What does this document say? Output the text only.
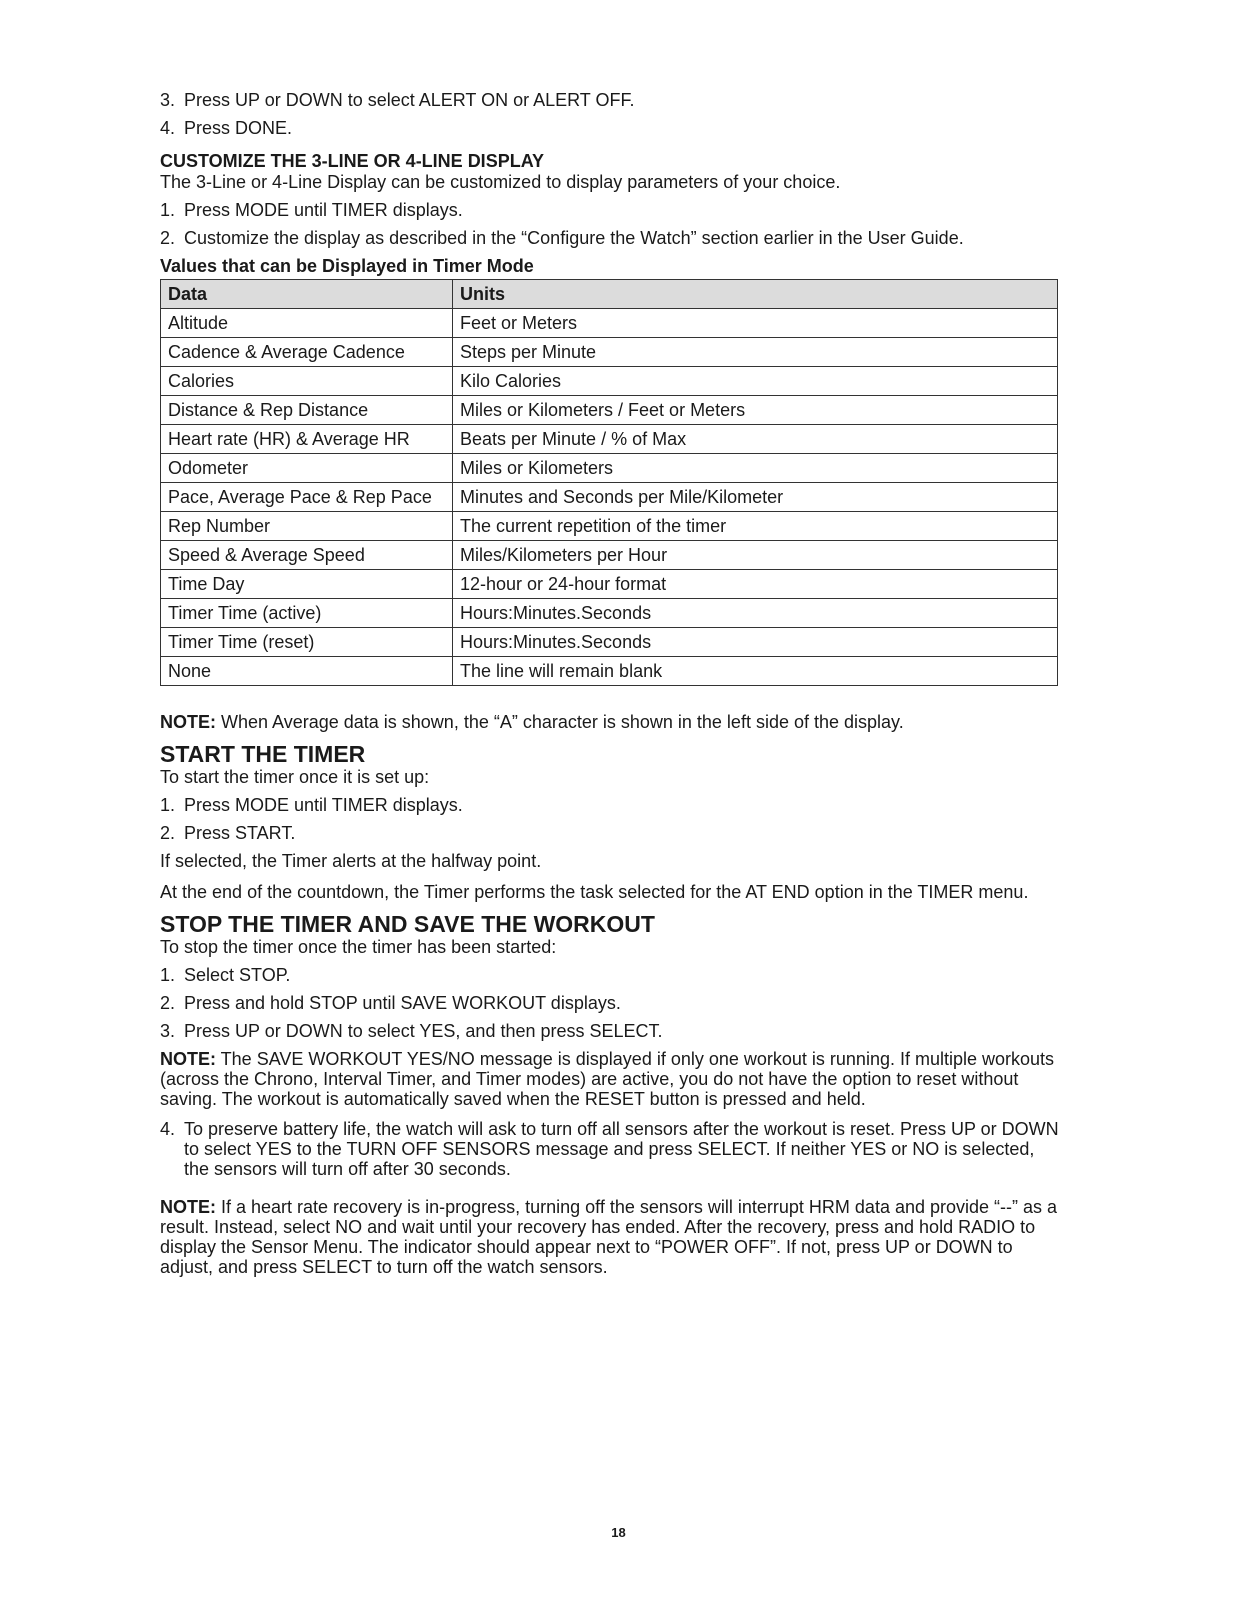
3. Press UP or DOWN to select ALERT ON or ALERT OFF.
4. Press DONE.
CUSTOMIZE THE 3-LINE OR 4-LINE DISPLAY
The 3-Line or 4-Line Display can be customized to display parameters of your choice.
1. Press MODE until TIMER displays.
2. Customize the display as described in the “Configure the Watch” section earlier in the User Guide.
Values that can be Displayed in Timer Mode
Data	Units
Altitude	Feet or Meters
Cadence & Average Cadence	Steps per Minute
Calories	Kilo Calories
Distance & Rep Distance	Miles or Kilometers / Feet or Meters
Heart rate (HR) & Average HR	Beats per Minute / % of Max
Odometer	Miles or Kilometers
Pace, Average Pace & Rep Pace	Minutes and Seconds per Mile/Kilometer
Rep Number	The current repetition of the timer
Speed & Average Speed	Miles/Kilometers per Hour
Time Day	12-hour or 24-hour format
Timer Time (active)	Hours:Minutes.Seconds
Timer Time (reset)	Hours:Minutes.Seconds
None	The line will remain blank
NOTE: When Average data is shown, the “A” character is shown in the left side of the display.
START THE TIMER
To start the timer once it is set up:
1. Press MODE until TIMER displays.
2. Press START.
If selected, the Timer alerts at the halfway point.
At the end of the countdown, the Timer performs the task selected for the AT END option in the TIMER menu.
STOP THE TIMER AND SAVE THE WORKOUT
To stop the timer once the timer has been started:
1. Select STOP.
2. Press and hold STOP until SAVE WORKOUT displays.
3. Press UP or DOWN to select YES, and then press SELECT.
NOTE: The SAVE WORKOUT YES/NO message is displayed if only one workout is running. If multiple workouts (across the Chrono, Interval Timer, and Timer modes) are active, you do not have the option to reset without saving. The workout is automatically saved when the RESET button is pressed and held.
4. To preserve battery life, the watch will ask to turn off all sensors after the workout is reset. Press UP or DOWN to select YES to the TURN OFF SENSORS message and press SELECT. If neither YES or NO is selected, the sensors will turn off after 30 seconds.
NOTE: If a heart rate recovery is in-progress, turning off the sensors will interrupt HRM data and provide “--” as a result. Instead, select NO and wait until your recovery has ended. After the recovery, press and hold RADIO to display the Sensor Menu. The indicator should appear next to “POWER OFF”. If not, press UP or DOWN to adjust, and press SELECT to turn off the watch sensors.
18
